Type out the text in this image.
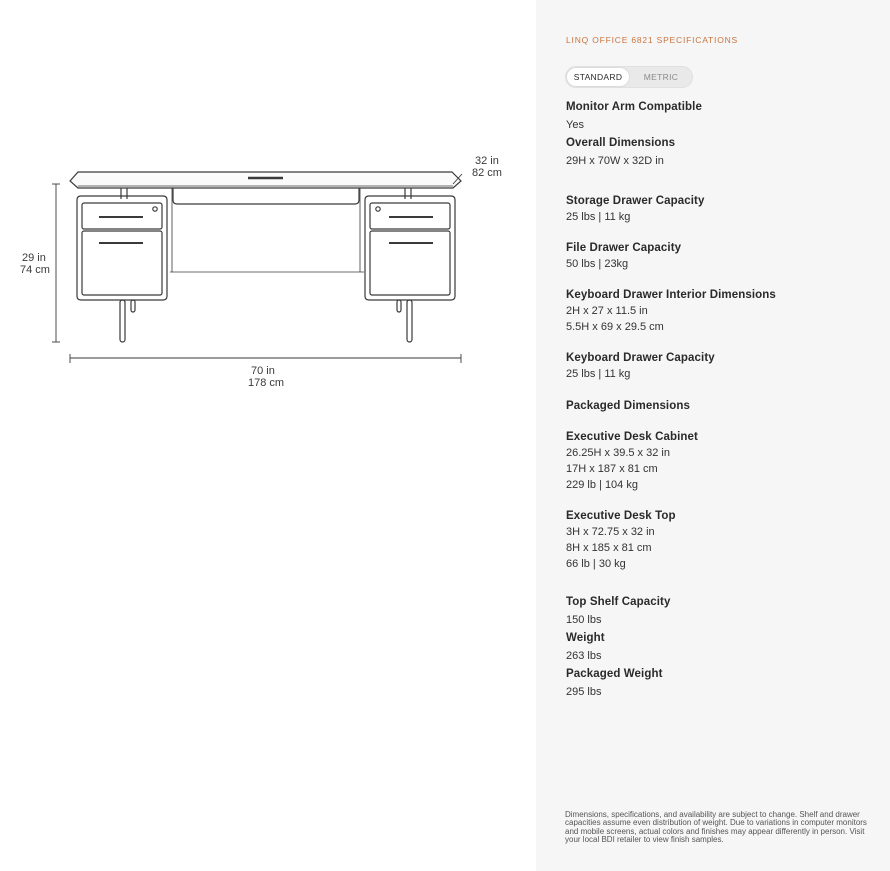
32 in
82 cm
29 in
74 cm
70 in
178 cm
LINQ OFFICE 6821 SPECIFICATIONS
STANDARD	METRIC
Monitor Arm Compatible
Yes
Overall Dimensions
29H x 70W x 32D in
Storage Drawer Capacity
25 lbs | 11 kg
File Drawer Capacity
50 lbs | 23kg
Keyboard Drawer Interior Dimensions
2H x 27 x 11.5 in
5.5H x 69 x 29.5 cm
Keyboard Drawer Capacity
25 lbs | 11 kg
Packaged Dimensions
Executive Desk Cabinet
26.25H x 39.5 x 32 in
17H x 187 x 81 cm
229 lb | 104 kg
Executive Desk Top
3H x 72.75 x 32 in
8H x 185 x 81 cm
66 lb | 30 kg
Top Shelf Capacity
150 lbs
Weight
263 lbs
Packaged Weight
295 lbs
Dimensions, specifications, and availability are subject to change. Shelf and drawer capacities assume even distribution of weight. Due to variations in computer monitors and mobile screens, actual colors and finishes may appear differently in person. Visit your local BDI retailer to view finish samples.
